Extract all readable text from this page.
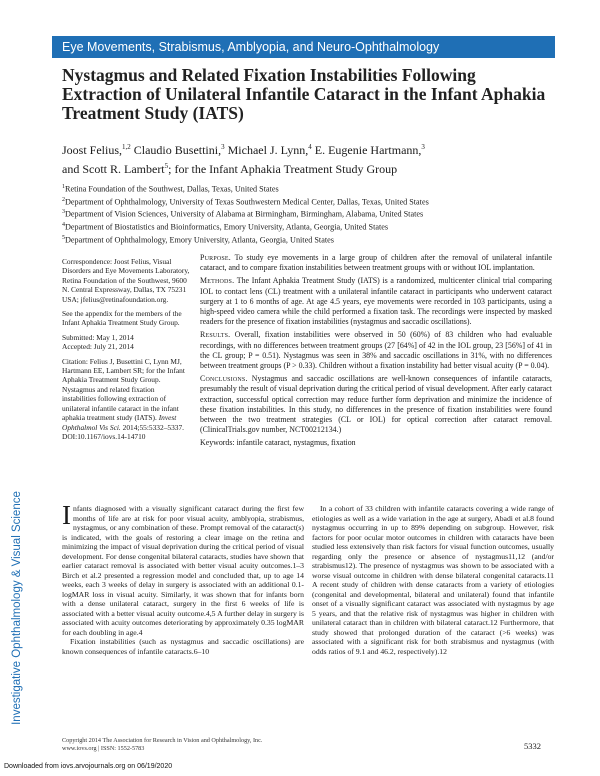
Eye Movements, Strabismus, Amblyopia, and Neuro-Ophthalmology
Nystagmus and Related Fixation Instabilities Following Extraction of Unilateral Infantile Cataract in the Infant Aphakia Treatment Study (IATS)
Joost Felius,$^{1,2}$ Claudio Busettini,$^3$ Michael J. Lynn,$^4$ E. Eugenie Hartmann,$^3$
and Scott R. Lambert$^5$; for the Infant Aphakia Treatment Study Group
$^1$Retina Foundation of the Southwest, Dallas, Texas, United States
$^2$Department of Ophthalmology, University of Texas Southwestern Medical Center, Dallas, Texas, United States
$^3$Department of Vision Sciences, University of Alabama at Birmingham, Birmingham, Alabama, United States
$^4$Department of Biostatistics and Bioinformatics, Emory University, Atlanta, Georgia, United States
$^5$Department of Ophthalmology, Emory University, Atlanta, Georgia, United States

Correspondence: Joost Felius, Visual Disorders and Eye Movements Laboratory, Retina Foundation of the Southwest, 9600 N. Central Expressway, Dallas, TX 75231 USA; jfelius@retinafoundation.org.

See the appendix for the members of the Infant Aphakia Treatment Study Group.

Submitted: May 1, 2014
Accepted: July 21, 2014

Citation: Felius J, Busettini C, Lynn MJ, Hartmann EE, Lambert SR; for the Infant Aphakia Treatment Study Group. Nystagmus and related fixation instabilities following extraction of unilateral infantile cataract in the infant aphakia treatment study (IATS). Invest Ophthalmol Vis Sci. 2014;55:5332–5337. DOI:10.1167/iovs.14-14710

Purpose. To study eye movements in a large group of children after the removal of unilateral infantile cataract, and to compare fixation instabilities between treatment groups with or without IOL implantation.

Methods. The Infant Aphakia Treatment Study (IATS) is a randomized, multicenter clinical trial comparing IOL to contact lens (CL) treatment with a unilateral infantile cataract in participants who underwent cataract surgery at 1 to 6 months of age. At age 4.5 years, eye movements were recorded in 103 participants, using a high-speed video camera while the child performed a fixation task. The recordings were inspected by masked readers for the presence of fixation instabilities (nystagmus and saccadic oscillations).

Results. Overall, fixation instabilities were observed in 50 (60%) of 83 children who had evaluable recordings, with no differences between treatment groups (27 [64%] of 42 in the IOL group, 23 [56%] of 41 in the CL group; P = 0.51). Nystagmus was seen in 38% and saccadic oscillations in 31%, with no differences between treatment groups (P > 0.33). Children without a fixation instability had better visual acuity (P = 0.04).

Conclusions. Nystagmus and saccadic oscillations are well-known consequences of infantile cataracts, presumably the result of visual deprivation during the critical period of visual development. After early cataract extraction, successful optical correction may reduce further form deprivation and minimize the incidence of these fixation instabilities. In this study, no differences in the presence of fixation instabilities were found between the two treatment strategies (CL or IOL) for optical correction after cataract removal. (ClinicalTrials.gov number, NCT00212134.)

Keywords: infantile cataract, nystagmus, fixation

Investigative Ophthalmology & Visual Science Infants diagnosed with a visually significant cataract during the first few months of life are at risk for poor visual acuity, amblyopia, strabismus, nystagmus, or any combination of these. Prompt removal of the cataract(s) is indicated, with the goals of restoring a clear image on the retina and minimizing the impact of visual deprivation during the critical period of visual development. For dense congenital bilateral cataracts, studies have shown that earlier cataract removal is associated with better visual acuity outcomes.1–3 Birch et al.2 presented a regression model and concluded that, up to age 14 weeks, each 3 weeks of delay in surgery is associated with an additional 0.1-logMAR loss in visual acuity. Similarly, it was shown that for infants born with a dense unilateral cataract, surgery in the first 6 weeks of life is associated with a better visual acuity outcome.4,5 A further delay in surgery is associated with acuity outcomes deteriorating by approximately 0.35 logMAR for each doubling in age.4

Fixation instabilities (such as nystagmus and saccadic oscillations) are known consequences of infantile cataracts.6–10

In a cohort of 33 children with infantile cataracts covering a wide range of etiologies as well as a wide variation in the age at surgery, Abadi et al.8 found nystagmus occurring in up to 89% depending on subgroup. However, risk factors for poor ocular motor outcomes in children with cataracts have been studied less extensively than risk factors for visual function outcomes, usually regarding only the presence or absence of nystagmus11,12 (and/or strabismus12). The presence of nystagmus was shown to be associated with a worse visual outcome in children with dense bilateral congenital cataracts.11 A recent study of children with dense cataracts from a variety of etiologies (congenital and developmental, bilateral and unilateral) found that infantile onset of a visually significant cataract was associated with nystagmus by age 5 years, and that the relative risk of nystagmus was higher in children with unilateral cataract than in children with bilateral cataract.12 Furthermore, that study showed that prolonged duration of the cataract (>6 weeks) was associated with a significant risk for both strabismus and nystagmus (with odds ratios of 9.1 and 46.2, respectively).12

Copyright 2014 The Association for Research in Vision and Ophthalmology, Inc.
www.iovs.org | ISSN: 1552-5783	5332
Downloaded from iovs.arvojournals.org on 06/19/2020
